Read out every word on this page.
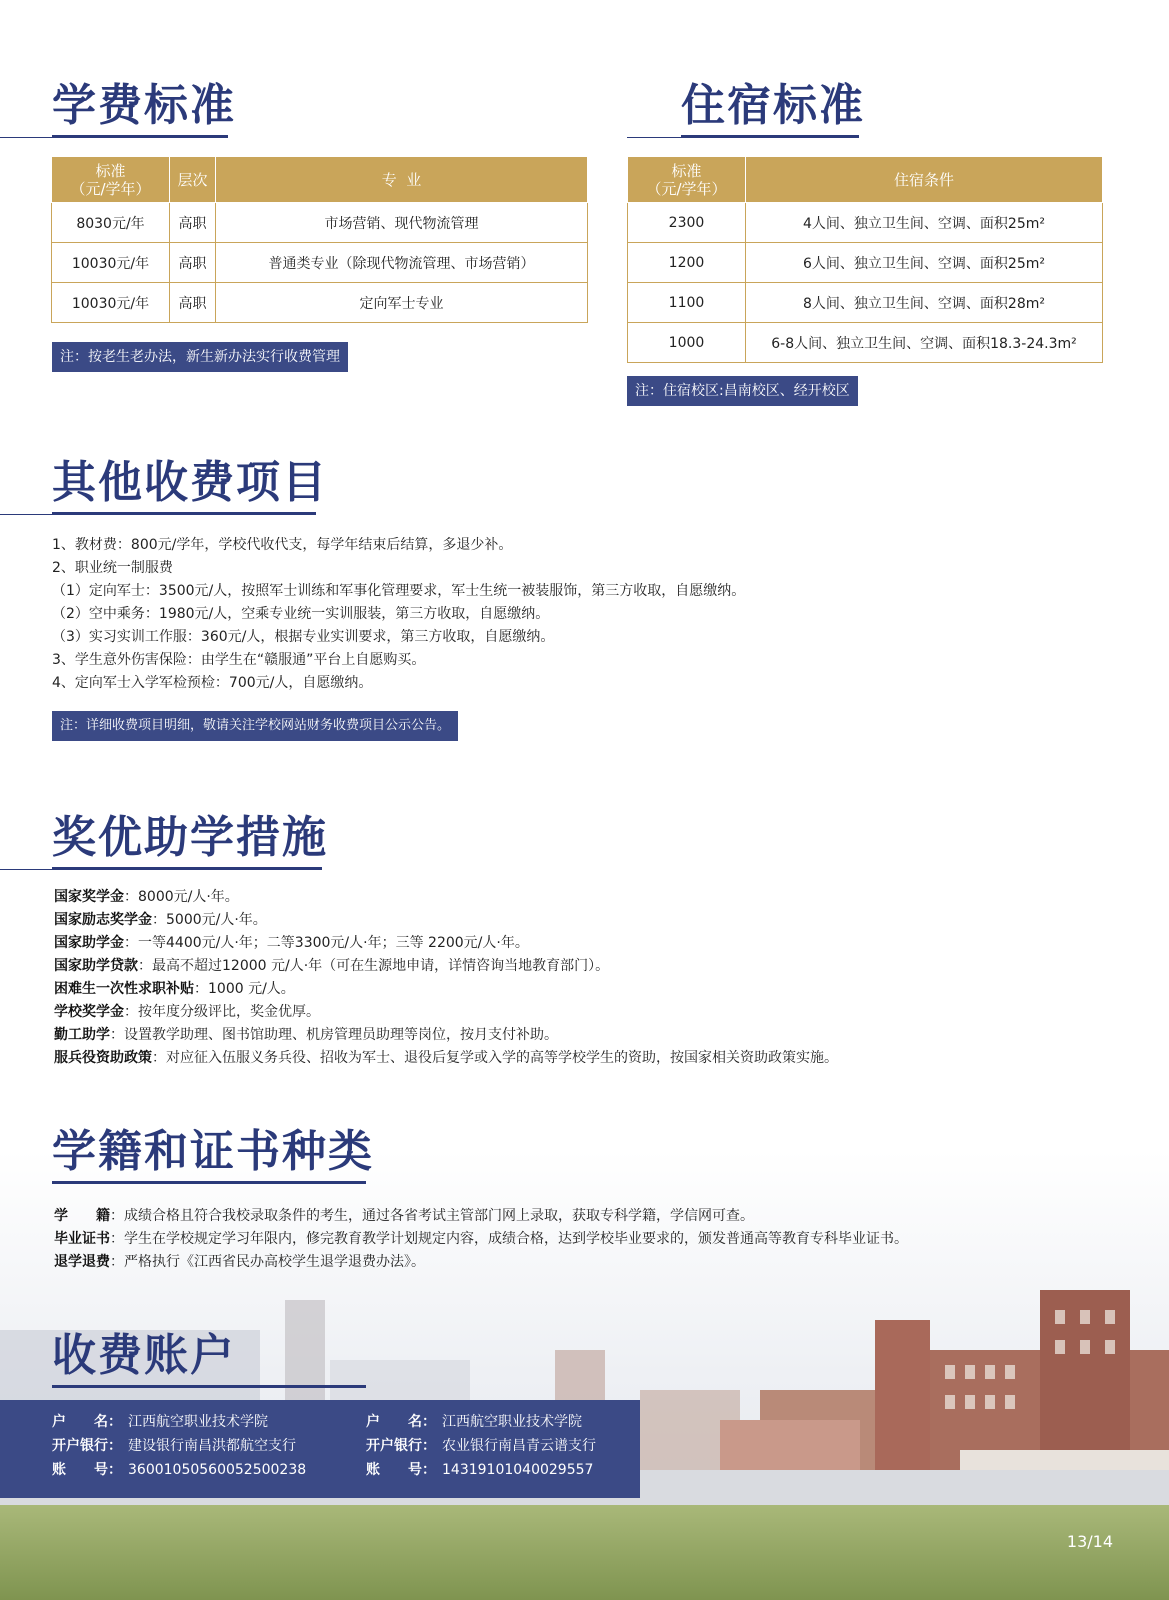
学费标准
标准
（元/学年）	层次	专  业
8030元/年	高职	市场营销、现代物流管理
10030元/年	高职	普通类专业（除现代物流管理、市场营销）
10030元/年	高职	定向军士专业
注：按老生老办法，新生新办法实行收费管理
住宿标准
标准
（元/学年）	住宿条件
2300	4人间、独立卫生间、空调、面积25m²
1200	6人间、独立卫生间、空调、面积25m²
1100	8人间、独立卫生间、空调、面积28m²
1000	6-8人间、独立卫生间、空调、面积18.3-24.3m²
注：住宿校区:昌南校区、经开校区
其他收费项目
1、教材费：800元/学年，学校代收代支，每学年结束后结算，多退少补。
2、职业统一制服费
（1）定向军士：3500元/人，按照军士训练和军事化管理要求，军士生统一被装服饰，第三方收取，自愿缴纳。
（2）空中乘务：1980元/人，空乘专业统一实训服装，第三方收取，自愿缴纳。
（3）实习实训工作服：360元/人，根据专业实训要求，第三方收取，自愿缴纳。
3、学生意外伤害保险：由学生在“赣服通”平台上自愿购买。
4、定向军士入学军检预检：700元/人，自愿缴纳。
注：详细收费项目明细，敬请关注学校网站财务收费项目公示公告。
奖优助学措施
国家奖学金：8000元/人·年。
国家励志奖学金：5000元/人·年。
国家助学金：一等4400元/人·年；二等3300元/人·年；三等 2200元/人·年。
国家助学贷款：最高不超过12000 元/人·年（可在生源地申请，详情咨询当地教育部门）。
困难生一次性求职补贴：1000 元/人。
学校奖学金：按年度分级评比，奖金优厚。
勤工助学：设置教学助理、图书馆助理、机房管理员助理等岗位，按月支付补助。
服兵役资助政策：对应征入伍服义务兵役、招收为军士、退役后复学或入学的高等学校学生的资助，按国家相关资助政策实施。
学籍和证书种类
学　　籍：成绩合格且符合我校录取条件的考生，通过各省考试主管部门网上录取，获取专科学籍，学信网可查。
毕业证书：学生在学校规定学习年限内，修完教育教学计划规定内容，成绩合格，达到学校毕业要求的，颁发普通高等教育专科毕业证书。
退学退费：严格执行《江西省民办高校学生退学退费办法》。
收费账户
户　　名： 江西航空职业技术学院
开户银行： 建设银行南昌洪都航空支行
账　　号： 36001050560052500238
户　　名： 江西航空职业技术学院
开户银行： 农业银行南昌青云谱支行
账　　号： 14319101040029557
13/14
